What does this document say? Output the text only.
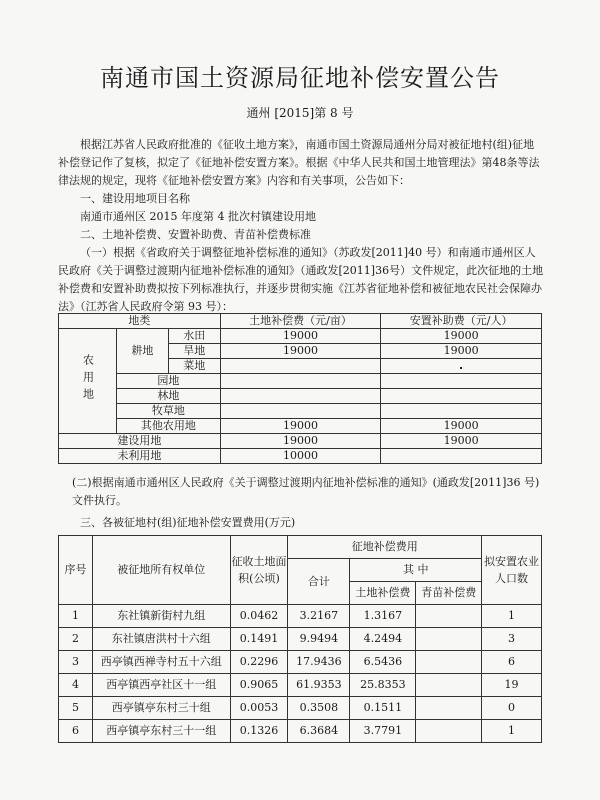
南通市国土资源局征地补偿安置公告
通州 [2015]第 8 号
根据江苏省人民政府批准的《征收土地方案》，南通市国土资源局通州分局对被征地村(组)征地补偿登记作了复核，拟定了《征地补偿安置方案》。根据《中华人民共和国土地管理法》第48条等法律法规的规定，现将《征地补偿安置方案》内容和有关事项，公告如下：
一、建设用地项目名称
南通市通州区 2015 年度第 4 批次村镇建设用地
二、土地补偿费、安置补助费、青苗补偿费标准
（一）根据《省政府关于调整征地补偿标准的通知》（苏政发[2011]40 号）和南通市通州区人民政府《关于调整过渡期内征地补偿标准的通知》（通政发[2011]36号）文件规定，此次征地的土地补偿费和安置补助费拟按下列标准执行，并逐步贯彻实施《江苏省征地补偿和被征地农民社会保障办法》（江苏省人民政府令第 93 号）：
地类			土地补偿费（元/亩）	安置补助费（元/人）
农用地	耕地	水田	19000	19000
		旱地	19000	19000
		菜地		
	园地			
	林地			
	牧草地			
	其他农用地		19000	19000
建设用地			19000	19000
未利用地			10000	
(二)根据南通市通州区人民政府《关于调整过渡期内征地补偿标准的通知》(通政发[2011]36 号)文件执行。
三、各被征地村(组)征地补偿安置费用(万元)
序号	被征地所有权单位	征收土地面积(公顷)	征地补偿费用			拟安置农业人口数
			合计	其 中		
				土地补偿费	青苗补偿费	
1	东社镇新街村九组	0.0462	3.2167	1.3167		1
2	东社镇唐洪村十六组	0.1491	9.9494	4.2494		3
3	西亭镇西禅寺村五十六组	0.2296	17.9436	6.5436		6
4	西亭镇西亭社区十一组	0.9065	61.9353	25.8353		19
5	西亭镇亭东村三十组	0.0053	0.3508	0.1511		0
6	西亭镇亭东村三十一组	0.1326	6.3684	3.7791		1
